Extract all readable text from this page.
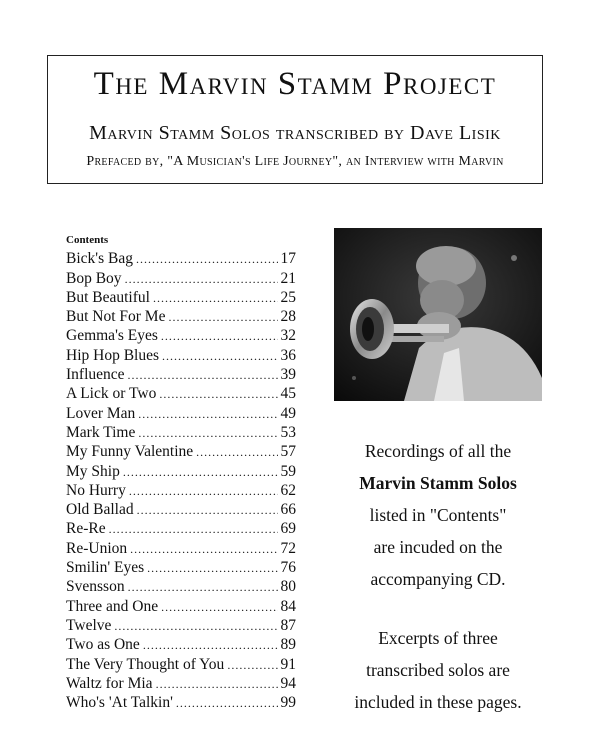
The Marvin Stamm Project
Marvin Stamm Solos transcribed by Dave Lisik
Prefaced by, "A Musician's Life Journey", an Interview with Marvin
Contents
Bick's Bag .....	17
Bop Boy .....	21
But Beautiful .....	25
But Not For Me .....	28
Gemma's Eyes .....	32
Hip Hop Blues .....	36
Influence .....	39
A Lick or Two .....	45
Lover Man .....	49
Mark Time .....	53
My Funny Valentine .....	57
My Ship .....	59
No Hurry .....	62
Old Ballad .....	66
Re-Re .....	69
Re-Union .....	72
Smilin' Eyes .....	76
Svensson .....	80
Three and One .....	84
Twelve .....	87
Two as One .....	89
The Very Thought of You .....	91
Waltz for Mia .....	94
Who's 'At Talkin' .....	99
Recordings of all the
Marvin Stamm Solos
listed in "Contents"
are incuded on the
accompanying CD.
Excerpts of three
transcribed solos are
included in these pages.
